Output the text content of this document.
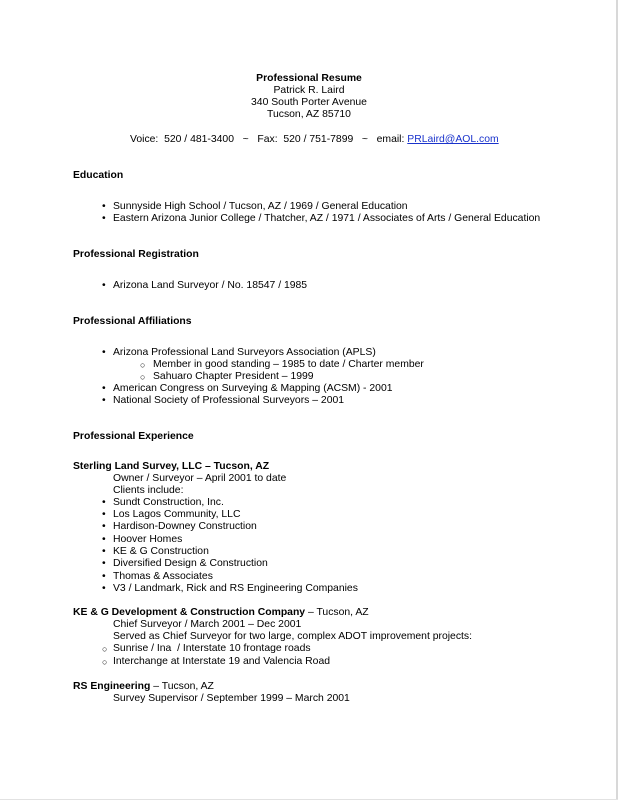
Professional Resume
Patrick R. Laird
340 South Porter Avenue
Tucson, AZ 85710
Voice:  520 / 481-3400   ~   Fax:  520 / 751-7899   ~   email: PRLaird@AOL.com
Education
• Sunnyside High School / Tucson, AZ / 1969 / General Education
• Eastern Arizona Junior College / Thatcher, AZ / 1971 / Associates of Arts / General Education
Professional Registration
• Arizona Land Surveyor / No. 18547 / 1985
Professional Affiliations
• Arizona Professional Land Surveyors Association (APLS)
○ Member in good standing – 1985 to date / Charter member
○ Sahuaro Chapter President – 1999
• American Congress on Surveying & Mapping (ACSM) - 2001
• National Society of Professional Surveyors – 2001
Professional Experience
Sterling Land Survey, LLC – Tucson, AZ
Owner / Surveyor – April 2001 to date
Clients include:
• Sundt Construction, Inc.
• Los Lagos Community, LLC
• Hardison-Downey Construction
• Hoover Homes
• KE & G Construction
• Diversified Design & Construction
• Thomas & Associates
• V3 / Landmark, Rick and RS Engineering Companies
KE & G Development & Construction Company – Tucson, AZ
Chief Surveyor / March 2001 – Dec 2001
Served as Chief Surveyor for two large, complex ADOT improvement projects:
○ Sunrise / Ina  / Interstate 10 frontage roads
○ Interchange at Interstate 19 and Valencia Road
RS Engineering – Tucson, AZ
Survey Supervisor / September 1999 – March 2001
